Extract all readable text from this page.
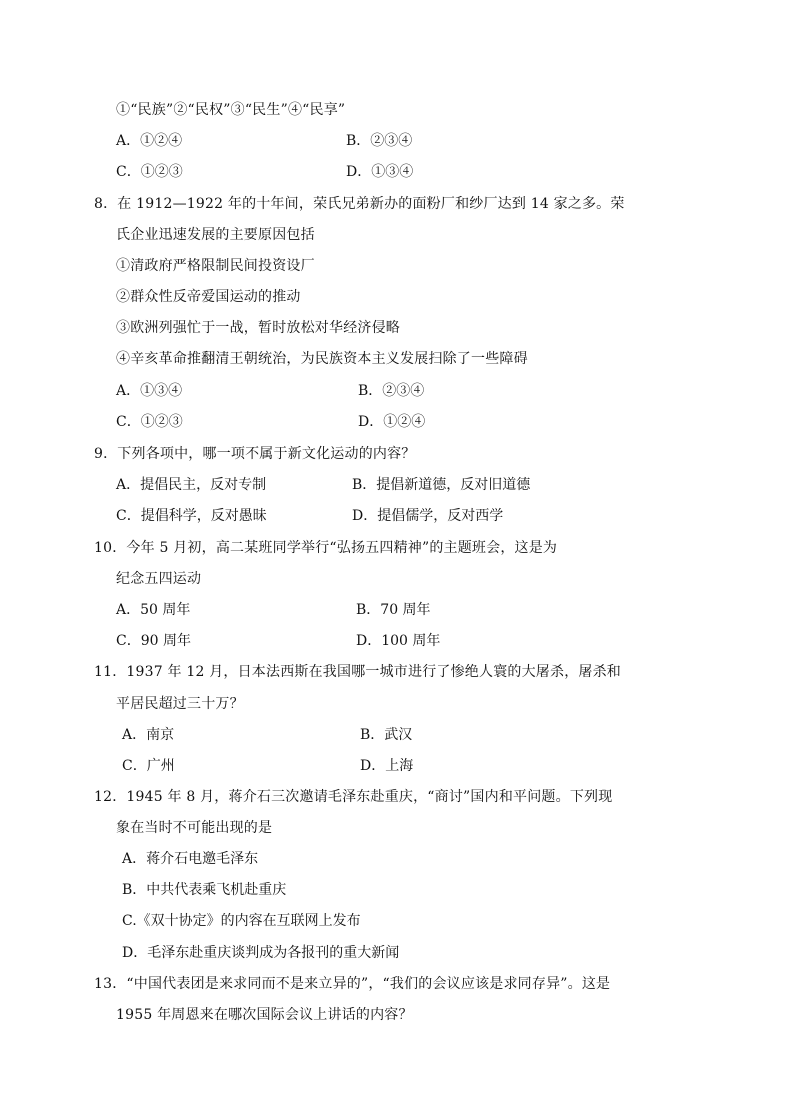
①“民族”②“民权”③“民生”④“民享”
A．①②④	B．②③④
C．①②③	D．①③④
8．在 1912—1922 年的十年间，荣氏兄弟新办的面粉厂和纱厂达到 14 家之多。荣
氏企业迅速发展的主要原因包括
①清政府严格限制民间投资设厂
②群众性反帝爱国运动的推动
③欧洲列强忙于一战，暂时放松对华经济侵略
④辛亥革命推翻清王朝统治，为民族资本主义发展扫除了一些障碍
A．①③④	B．②③④
C．①②③	D．①②④
9．下列各项中，哪一项不属于新文化运动的内容？
A．提倡民主，反对专制	B．提倡新道德，反对旧道德
C．提倡科学，反对愚昧	D．提倡儒学，反对西学
10．今年 5 月初，高二某班同学举行“弘扬五四精神”的主题班会，这是为
纪念五四运动
A．50 周年	B．70 周年
C．90 周年	D．100 周年
11．1937 年 12 月，日本法西斯在我国哪一城市进行了惨绝人寰的大屠杀，屠杀和
平居民超过三十万？
A．南京	B．武汉
C．广州	D．上海
12．1945 年 8 月，蒋介石三次邀请毛泽东赴重庆，“商讨”国内和平问题。下列现
象在当时不可能出现的是
A．蒋介石电邀毛泽东
B．中共代表乘飞机赴重庆
C.《双十协定》的内容在互联网上发布
D．毛泽东赴重庆谈判成为各报刊的重大新闻
13．“中国代表团是来求同而不是来立异的”，“我们的会议应该是求同存异”。这是
1955 年周恩来在哪次国际会议上讲话的内容？
